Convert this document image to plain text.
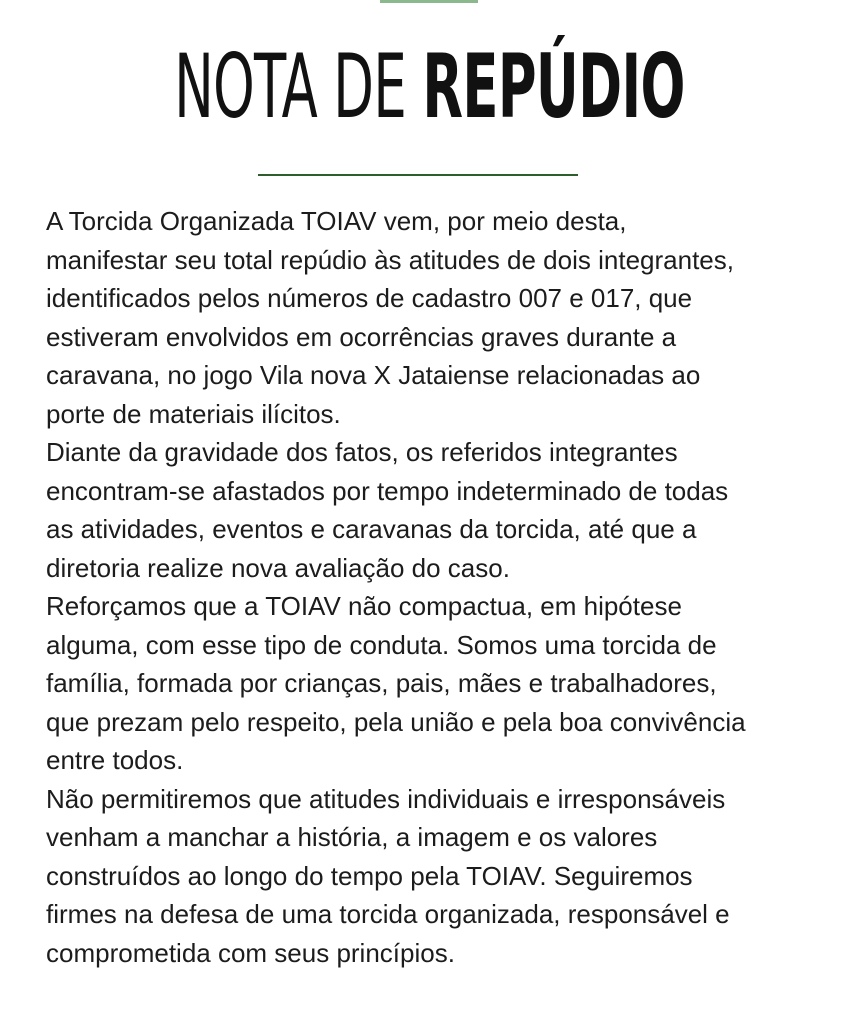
NOTA DE REPÚDIO
A Torcida Organizada TOIAV vem, por meio desta,
manifestar seu total repúdio às atitudes de dois integrantes,
identificados pelos números de cadastro 007 e 017, que
estiveram envolvidos em ocorrências graves durante a
caravana, no jogo Vila nova X Jataiense relacionadas ao
porte de materiais ilícitos.
Diante da gravidade dos fatos, os referidos integrantes
encontram-se afastados por tempo indeterminado de todas
as atividades, eventos e caravanas da torcida, até que a
diretoria realize nova avaliação do caso.
Reforçamos que a TOIAV não compactua, em hipótese
alguma, com esse tipo de conduta. Somos uma torcida de
família, formada por crianças, pais, mães e trabalhadores,
que prezam pelo respeito, pela união e pela boa convivência
entre todos.
Não permitiremos que atitudes individuais e irresponsáveis
venham a manchar a história, a imagem e os valores
construídos ao longo do tempo pela TOIAV. Seguiremos
firmes na defesa de uma torcida organizada, responsável e
comprometida com seus princípios.
